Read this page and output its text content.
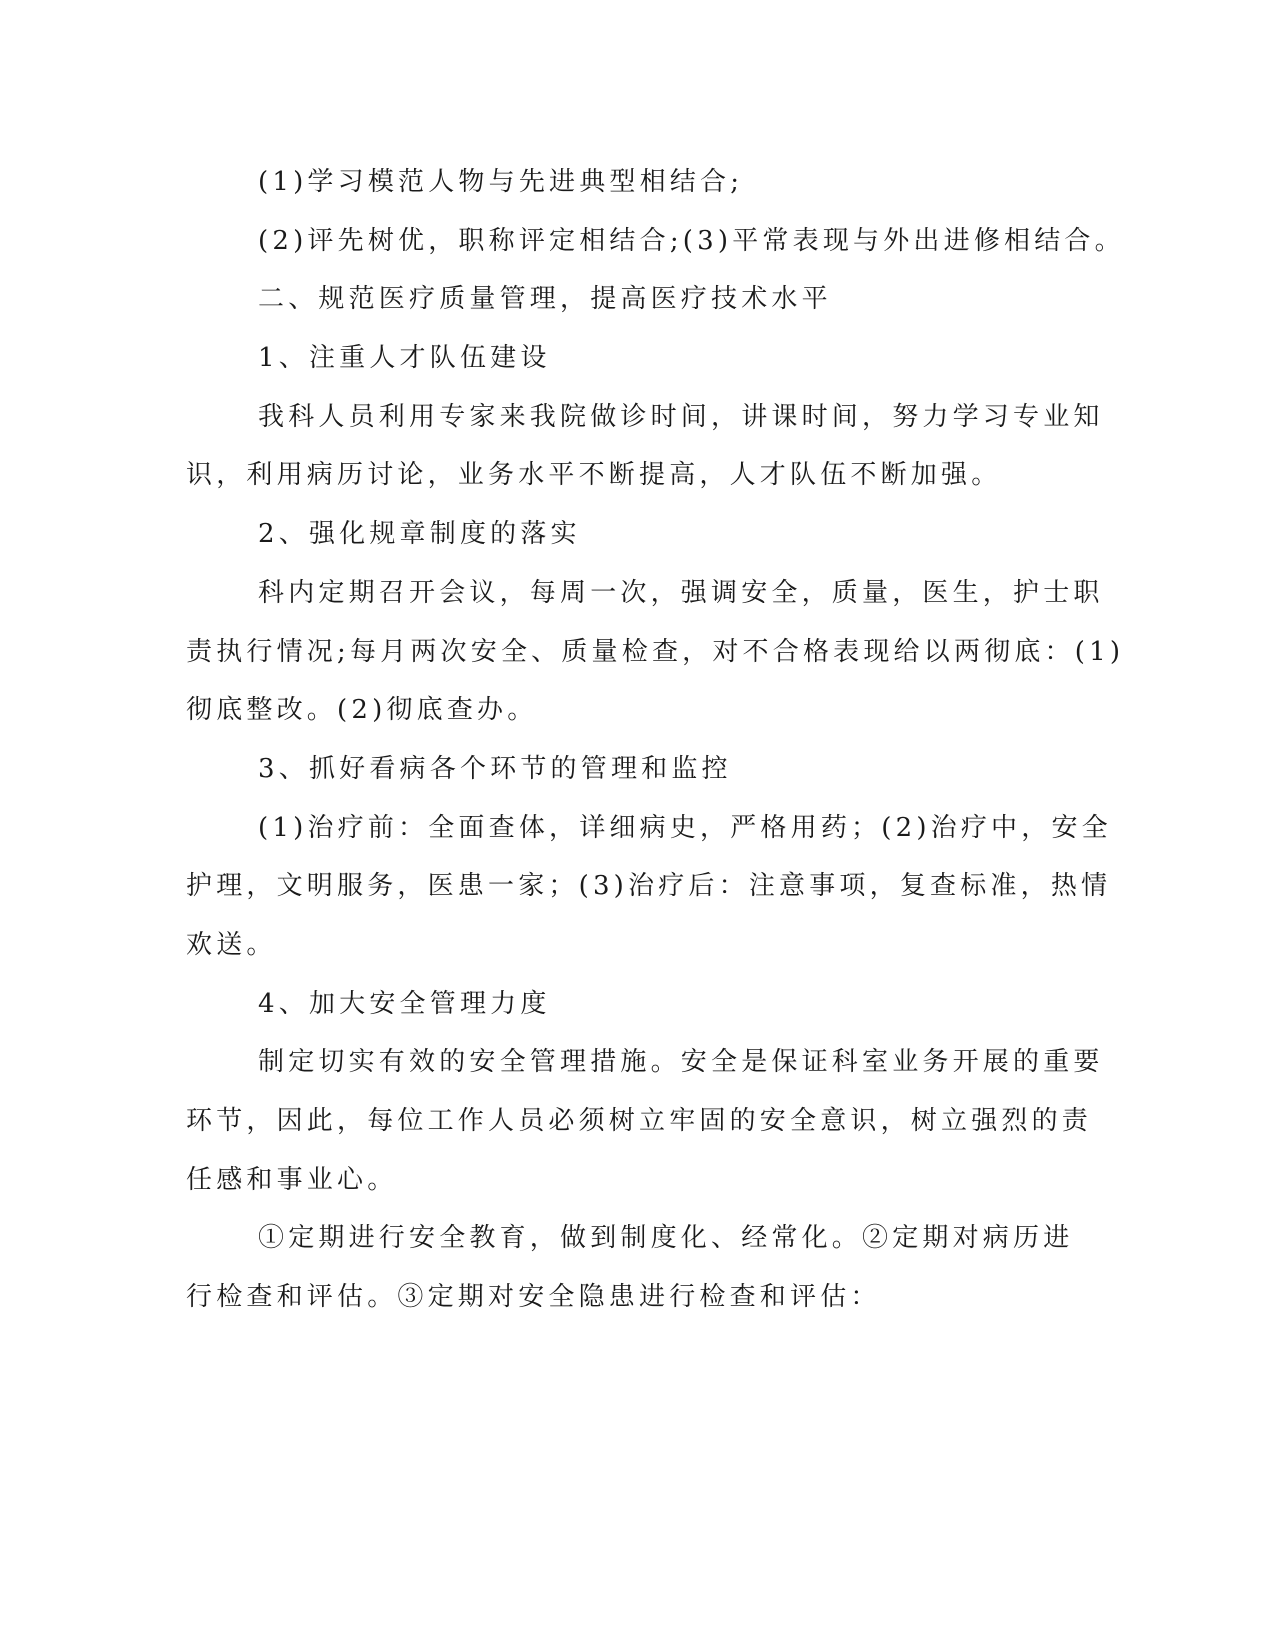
(1)学习模范人物与先进典型相结合;

(2)评先树优，职称评定相结合;(3)平常表现与外出进修相结合。

二、规范医疗质量管理，提高医疗技术水平

1、注重人才队伍建设

我科人员利用专家来我院做诊时间，讲课时间，努力学习专业知

识，利用病历讨论，业务水平不断提高，人才队伍不断加强。

2、强化规章制度的落实

科内定期召开会议，每周一次，强调安全，质量，医生，护士职

责执行情况;每月两次安全、质量检查，对不合格表现给以两彻底：(1)

彻底整改。(2)彻底查办。

3、抓好看病各个环节的管理和监控

(1)治疗前：全面查体，详细病史，严格用药；(2)治疗中，安全

护理，文明服务，医患一家；(3)治疗后：注意事项，复查标准，热情

欢送。

4、加大安全管理力度

制定切实有效的安全管理措施。安全是保证科室业务开展的重要

环节，因此，每位工作人员必须树立牢固的安全意识，树立强烈的责

任感和事业心。

①定期进行安全教育，做到制度化、经常化。②定期对病历进

行检查和评估。③定期对安全隐患进行检查和评估：
